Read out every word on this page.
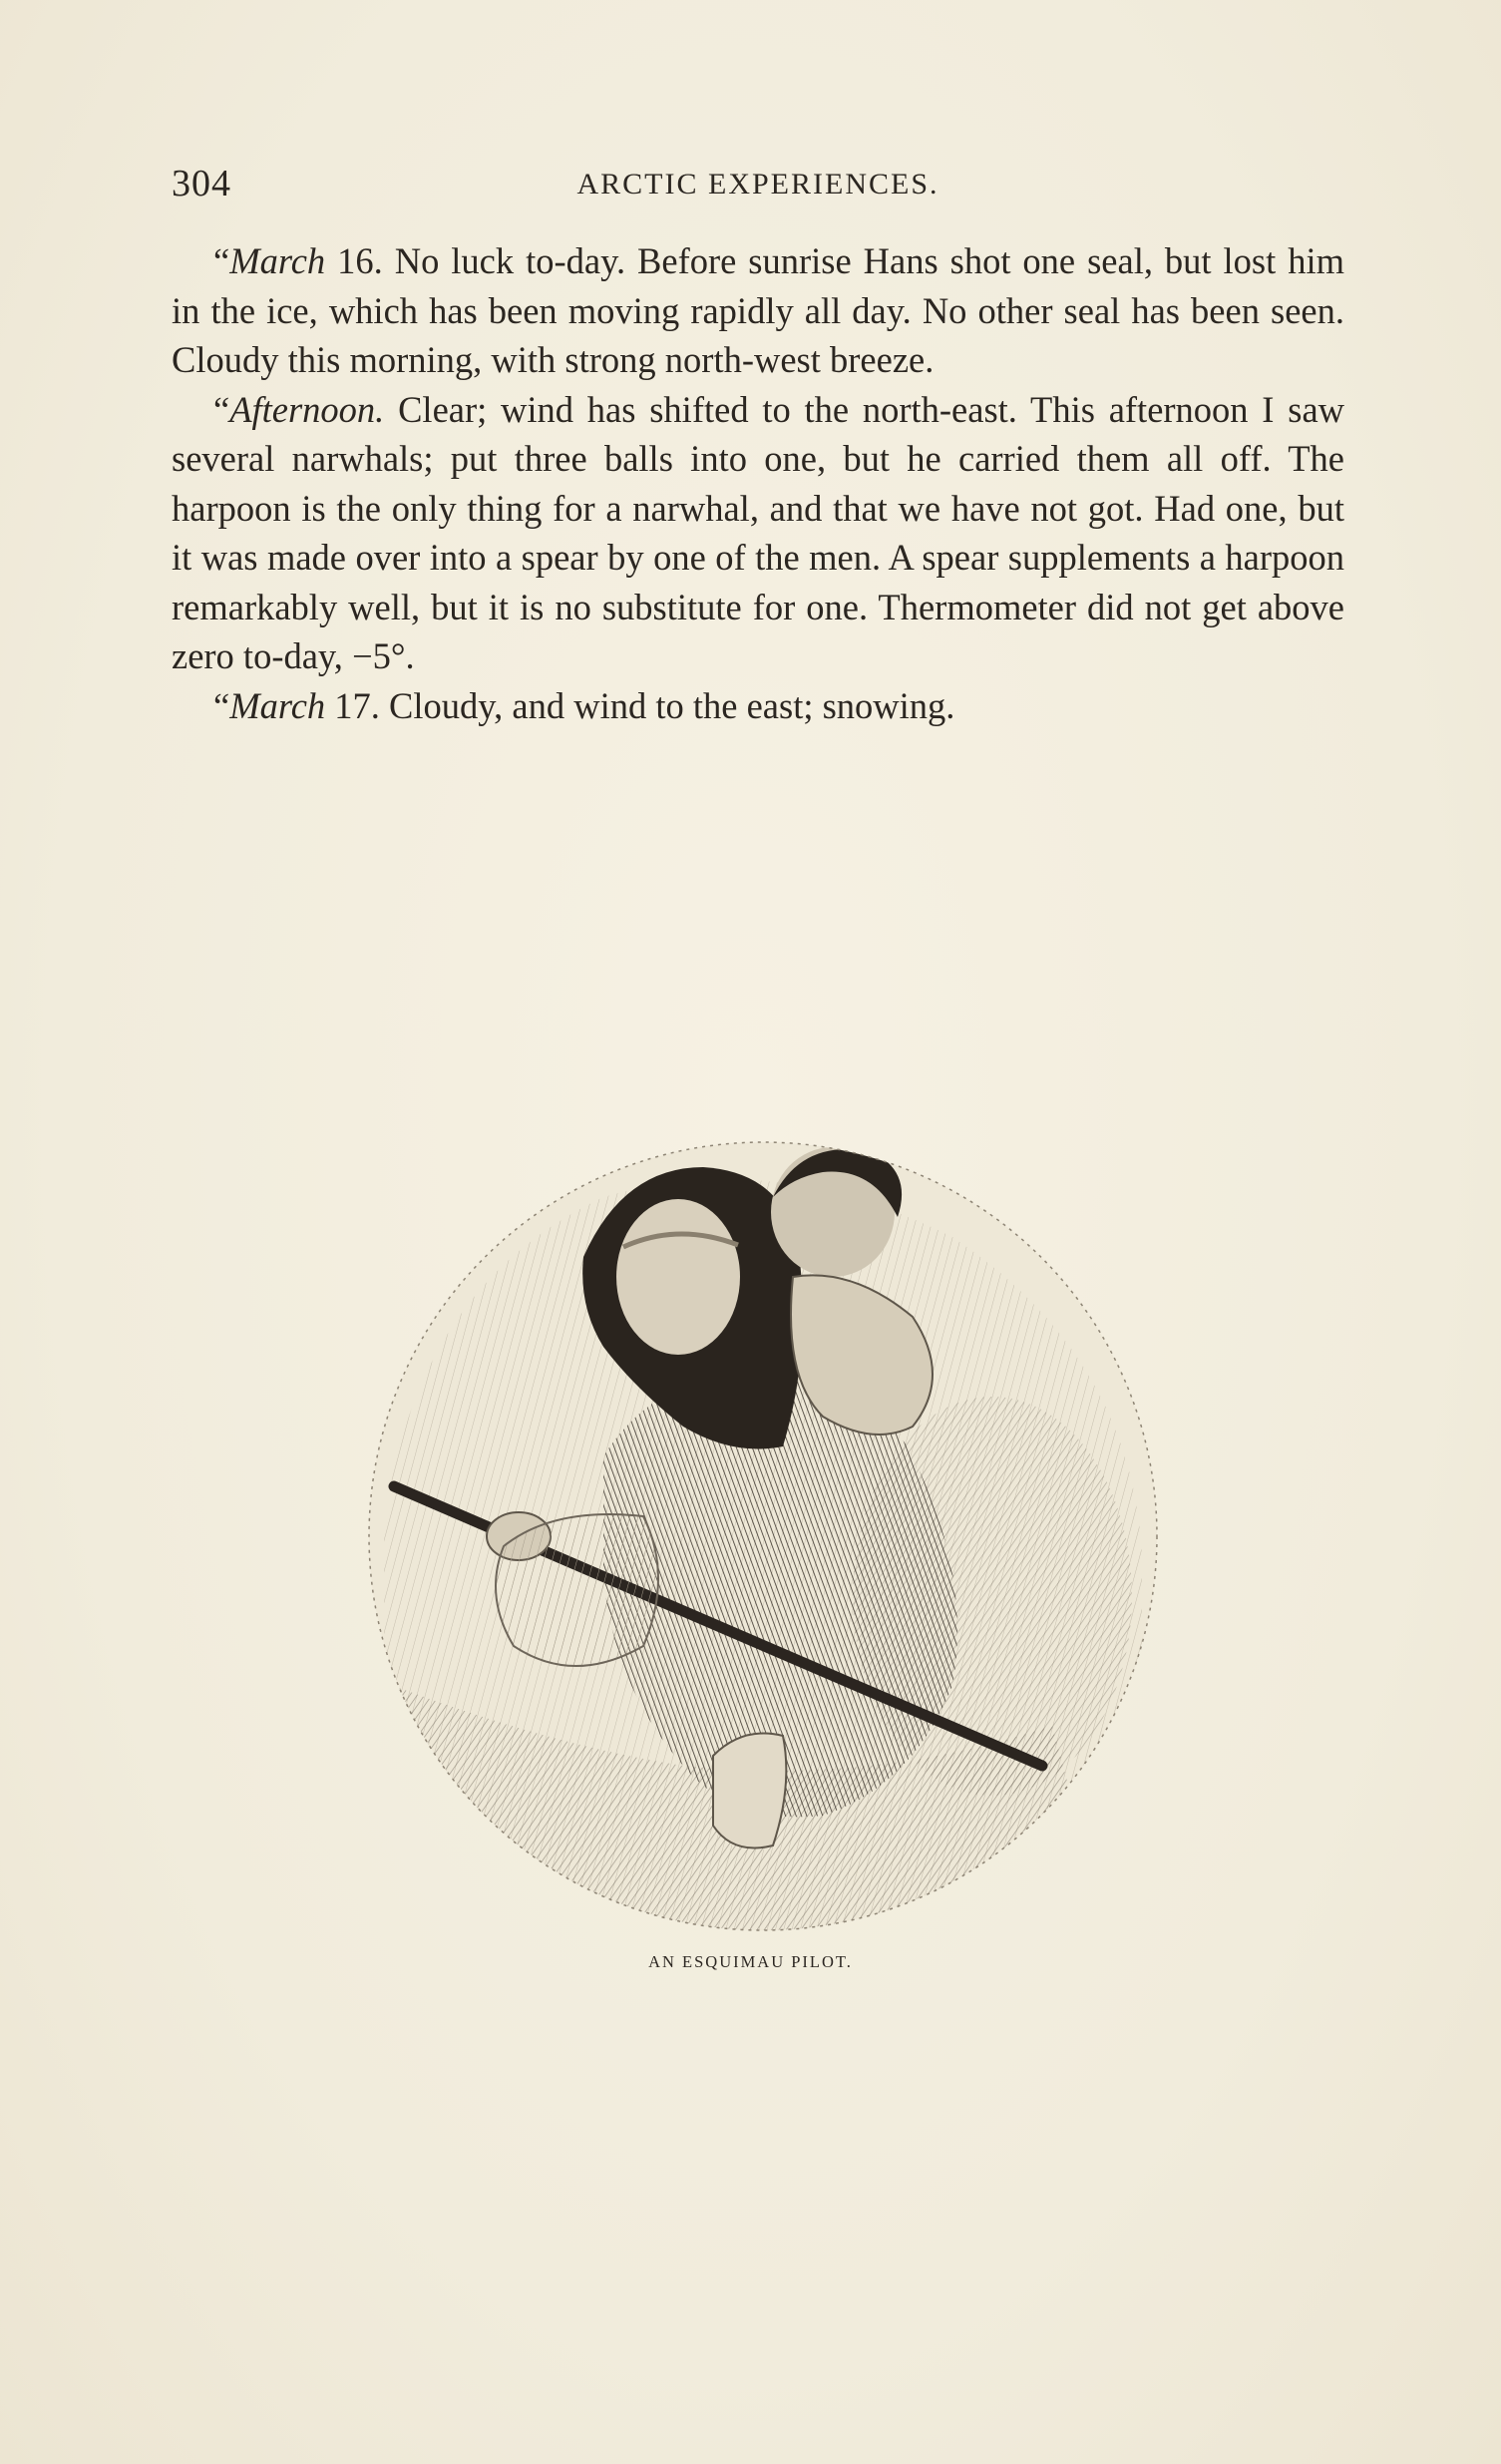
304	ARCTIC EXPERIENCES.

“March 16. No luck to-day. Before sunrise Hans shot one seal, but lost him in the ice, which has been moving rapidly all day. No other seal has been seen. Cloudy this morning, with strong north-west breeze.

“Afternoon. Clear; wind has shifted to the north-east. This afternoon I saw several narwhals; put three balls into one, but he carried them all off. The harpoon is the only thing for a narwhal, and that we have not got. Had one, but it was made over into a spear by one of the men. A spear supplements a harpoon remarkably well, but it is no substitute for one. Thermometer did not get above zero to-day, −5°.

“March 17. Cloudy, and wind to the east; snowing.

AN ESQUIMAU PILOT.
